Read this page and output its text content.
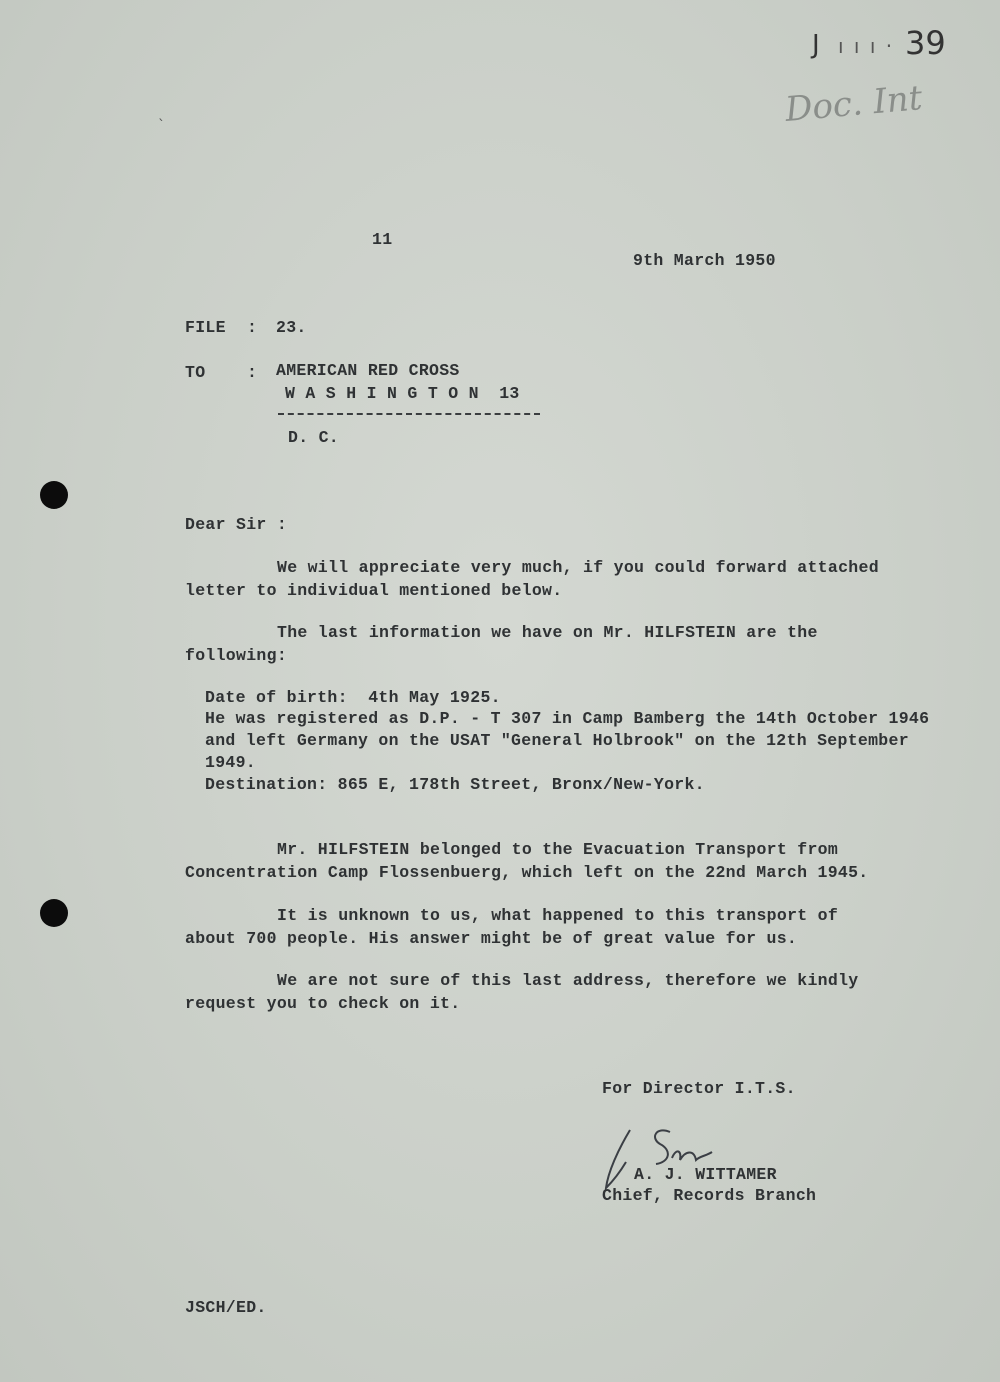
ˋ
J ı ı ı · 39
Doc. Int
11
9th March 1950
FILE : 23.
TO	: AMERICAN RED CROSS
W A S H I N G T O N  13
D. C.
Dear Sir :
We will appreciate very much, if you could forward attached letter to individual mentioned below.
The last information we have on Mr. HILFSTEIN are the following:
Date of birth:  4th May 1925.
He was registered as D.P. - T 307 in Camp Bamberg the 14th October 1946
and left Germany on the USAT "General Holbrook" on the 12th September
1949.
Destination: 865 E, 178th Street, Bronx/New-York.
Mr. HILFSTEIN belonged to the Evacuation Transport from Concentration Camp Flossenbuerg, which left on the 22nd March 1945.
It is unknown to us, what happened to this transport of about 700 people. His answer might be of great value for us.
We are not sure of this last address, therefore we kindly request you to check on it.
For Director I.T.S.
A. J. WITTAMER
Chief, Records Branch
JSCH/ED.
